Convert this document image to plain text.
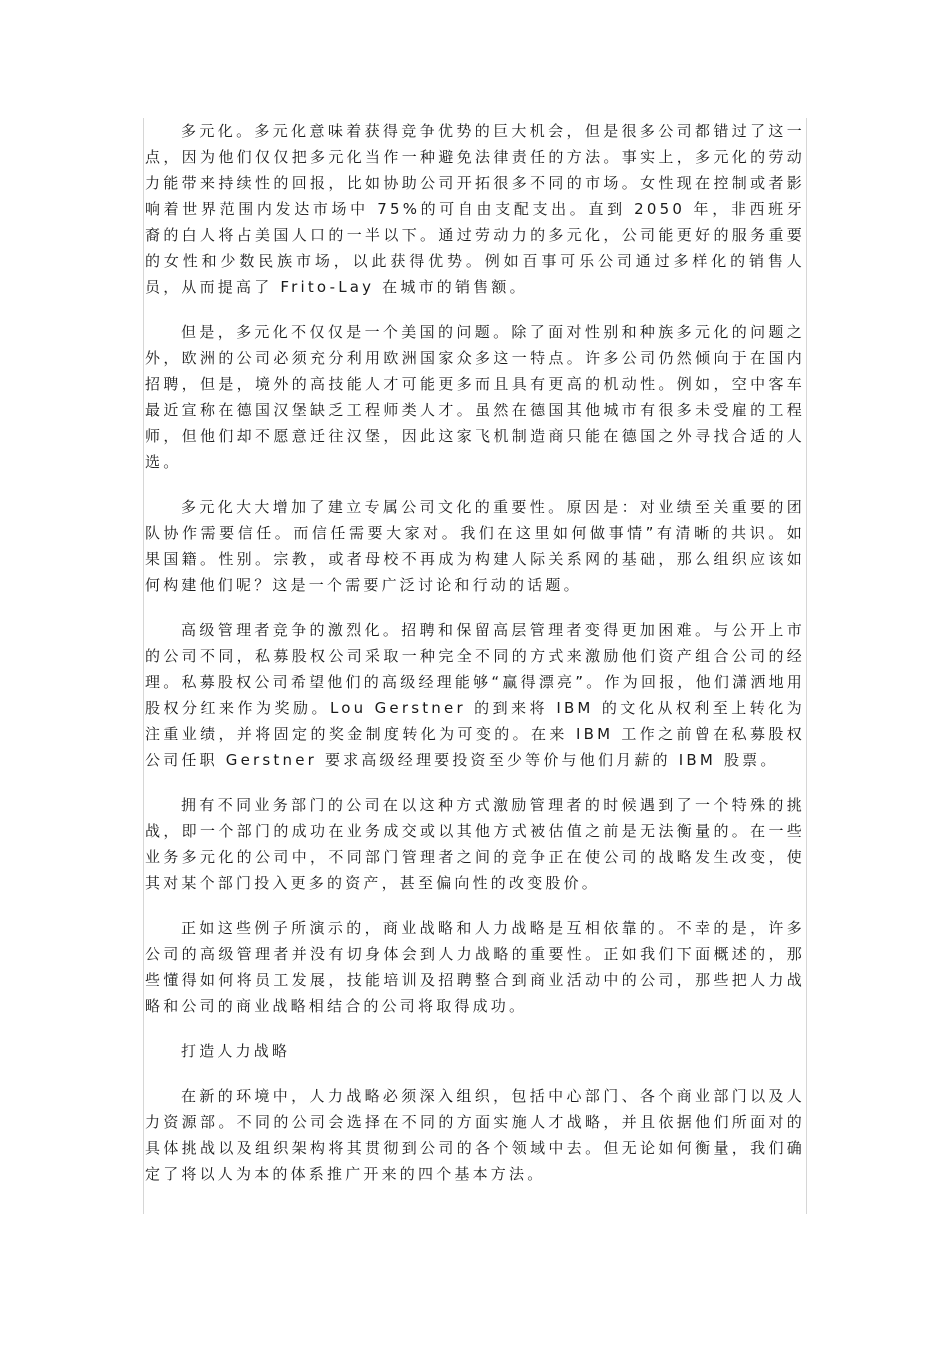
多元化。多元化意味着获得竞争优势的巨大机会，但是很多公司都错过了这一点，因为他们仅仅把多元化当作一种避免法律责任的方法。事实上，多元化的劳动力能带来持续性的回报，比如协助公司开拓很多不同的市场。女性现在控制或者影响着世界范围内发达市场中 75%的可自由支配支出。直到 2050 年，非西班牙裔的白人将占美国人口的一半以下。通过劳动力的多元化，公司能更好的服务重要的女性和少数民族市场，以此获得优势。例如百事可乐公司通过多样化的销售人员，从而提高了 Frito-Lay 在城市的销售额。

但是，多元化不仅仅是一个美国的问题。除了面对性别和种族多元化的问题之外，欧洲的公司必须充分利用欧洲国家众多这一特点。许多公司仍然倾向于在国内招聘，但是，境外的高技能人才可能更多而且具有更高的机动性。例如，空中客车最近宣称在德国汉堡缺乏工程师类人才。虽然在德国其他城市有很多未受雇的工程师，但他们却不愿意迁往汉堡，因此这家飞机制造商只能在德国之外寻找合适的人选。

多元化大大增加了建立专属公司文化的重要性。原因是：对业绩至关重要的团队协作需要信任。而信任需要大家对。我们在这里如何做事情”有清晰的共识。如果国籍。性别。宗教，或者母校不再成为构建人际关系网的基础，那么组织应该如何构建他们呢？这是一个需要广泛讨论和行动的话题。

高级管理者竞争的激烈化。招聘和保留高层管理者变得更加困难。与公开上市的公司不同，私募股权公司采取一种完全不同的方式来激励他们资产组合公司的经理。私募股权公司希望他们的高级经理能够“赢得漂亮”。作为回报，他们潇洒地用股权分红来作为奖励。Lou Gerstner 的到来将 IBM 的文化从权利至上转化为注重业绩，并将固定的奖金制度转化为可变的。在来 IBM 工作之前曾在私募股权公司任职 Gerstner 要求高级经理要投资至少等价与他们月薪的 IBM 股票。

拥有不同业务部门的公司在以这种方式激励管理者的时候遇到了一个特殊的挑战，即一个部门的成功在业务成交或以其他方式被估值之前是无法衡量的。在一些业务多元化的公司中，不同部门管理者之间的竞争正在使公司的战略发生改变，使其对某个部门投入更多的资产，甚至偏向性的改变股价。

正如这些例子所演示的，商业战略和人力战略是互相依靠的。不幸的是，许多公司的高级管理者并没有切身体会到人力战略的重要性。正如我们下面概述的，那些懂得如何将员工发展，技能培训及招聘整合到商业活动中的公司，那些把人力战略和公司的商业战略相结合的公司将取得成功。

打造人力战略

在新的环境中，人力战略必须深入组织，包括中心部门、各个商业部门以及人力资源部。不同的公司会选择在不同的方面实施人才战略，并且依据他们所面对的具体挑战以及组织架构将其贯彻到公司的各个领域中去。但无论如何衡量，我们确定了将以人为本的体系推广开来的四个基本方法。
